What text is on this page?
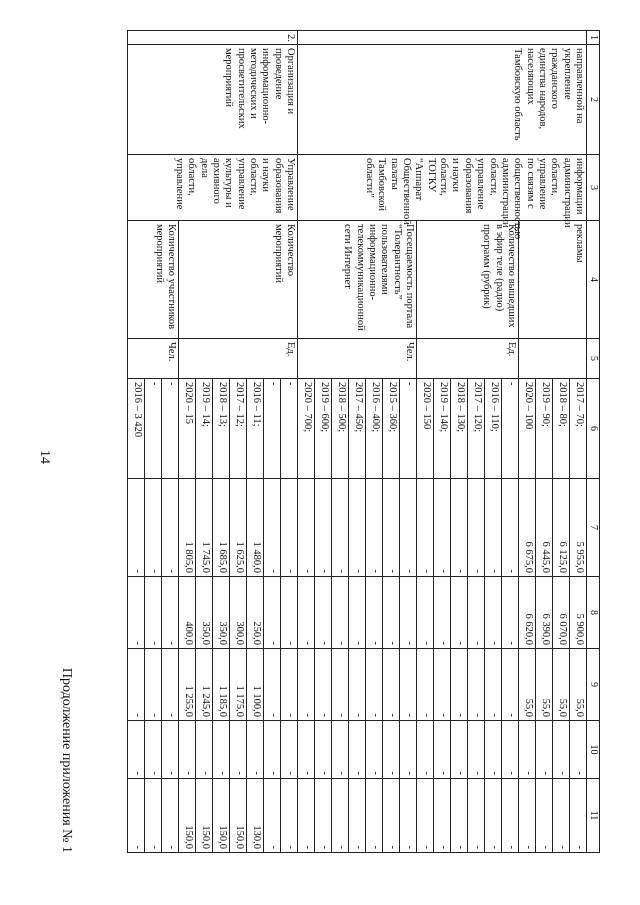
14
Продолжение приложения № 1
1	2	3	4	5	6	7	8	9	10	11
	направленной на укрепление гражданского единства народов, населяющих Тамбовскую область	информации администрации области, управление по связям с общественностью администрации области, управление образования и науки области, ТОГКУ “Аппарат Общественной палаты Тамбовской области”	рекламы		2017 – 70;	5 955,0	5 900,0	55,0	-	-
					2018 – 80;	6 125,0	6 070,0	55,0	-	-
					2019 – 90;	6 445,0	6 390,0	55,0	-	-
					2020 – 100	6 675,0	6 620,0	55,0	-	-
			Количество вышедших в эфир теле (радио) программ (рубрик)	Ед.	-	-	-	-	-	-
					2016 – 110;	-	-	-	-	-
					2017 – 120;	-	-	-	-	-
					2018 – 130;	-	-	-	-	-
					2019 – 140;	-	-	-	-	-
					2020 – 150	-	-	-	-	-
			Посещаемость портала “Толерантность” пользователями информационно-телекоммуникационной сети Интернет	Чел.	-	-	-	-	-	-
					2015 – 360;	-	-	-	-	-
					2016 – 400;	-	-	-	-	-
					2017 – 450;	-	-	-	-	-
					2018 – 500;	-	-	-	-	-
					2019 – 600;	-	-	-	-	-
					2020 – 700;	-	-	-	-	-
2.	Организация и проведение информационно-методических и просветительских мероприятий	Управление образования и науки области, управление культуры и архивного дела области, управление	Количество мероприятий	Ед.	-	-	-	-	-	-
					-	-	-	-	-	-
					2016 – 11;	1 480,0	250,0	1 100,0	-	130,0
					2017 – 12;	1 625,0	300,0	1 175,0	-	150,0
					2018 – 13;	1 685,0	350,0	1 185,0	-	150,0
					2019 – 14;	1 745,0	350,0	1 245,0	-	150,0
					2020 – 15	1 805,0	400,0	1 255,0	-	150,0
			Количество участников мероприятий	Чел.	-	-	-	-	-	-
					-	-	-	-	-	-
					2016 – 3 420	-	-	-	-	-
